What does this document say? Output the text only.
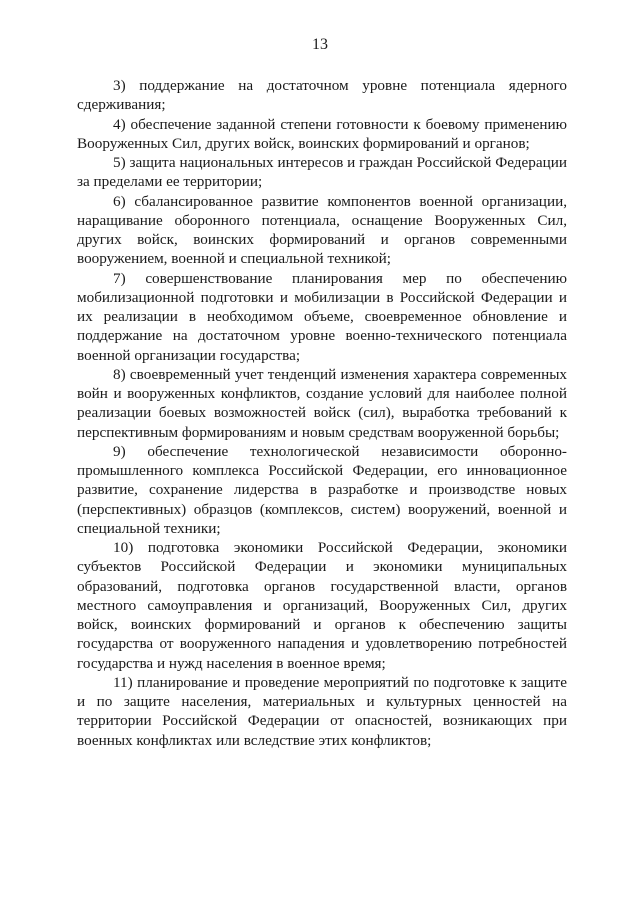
13

3) поддержание на достаточном уровне потенциала ядерного сдерживания;

4) обеспечение заданной степени готовности к боевому применению Вооруженных Сил, других войск, воинских формирований и органов;

5) защита национальных интересов и граждан Российской Федерации за пределами ее территории;

6) сбалансированное развитие компонентов военной организации, наращивание оборонного потенциала, оснащение Вооруженных Сил, других войск, воинских формирований и органов современными вооружением, военной и специальной техникой;

7) совершенствование планирования мер по обеспечению мобилизационной подготовки и мобилизации в Российской Федерации и их реализации в необходимом объеме, своевременное обновление и поддержание на достаточном уровне военно-технического потенциала военной организации государства;

8) своевременный учет тенденций изменения характера современных войн и вооруженных конфликтов, создание условий для наиболее полной реализации боевых возможностей войск (сил), выработка требований к перспективным формированиям и новым средствам вооруженной борьбы;

9) обеспечение технологической независимости оборонно-промышленного комплекса Российской Федерации, его инновационное развитие, сохранение лидерства в разработке и производстве новых (перспективных) образцов (комплексов, систем) вооружений, военной и специальной техники;

10) подготовка экономики Российской Федерации, экономики субъектов Российской Федерации и экономики муниципальных образований, подготовка органов государственной власти, органов местного самоуправления и организаций, Вооруженных Сил, других войск, воинских формирований и органов к обеспечению защиты государства от вооруженного нападения и удовлетворению потребностей государства и нужд населения в военное время;

11) планирование и проведение мероприятий по подготовке к защите и по защите населения, материальных и культурных ценностей на территории Российской Федерации от опасностей, возникающих при военных конфликтах или вследствие этих конфликтов;
